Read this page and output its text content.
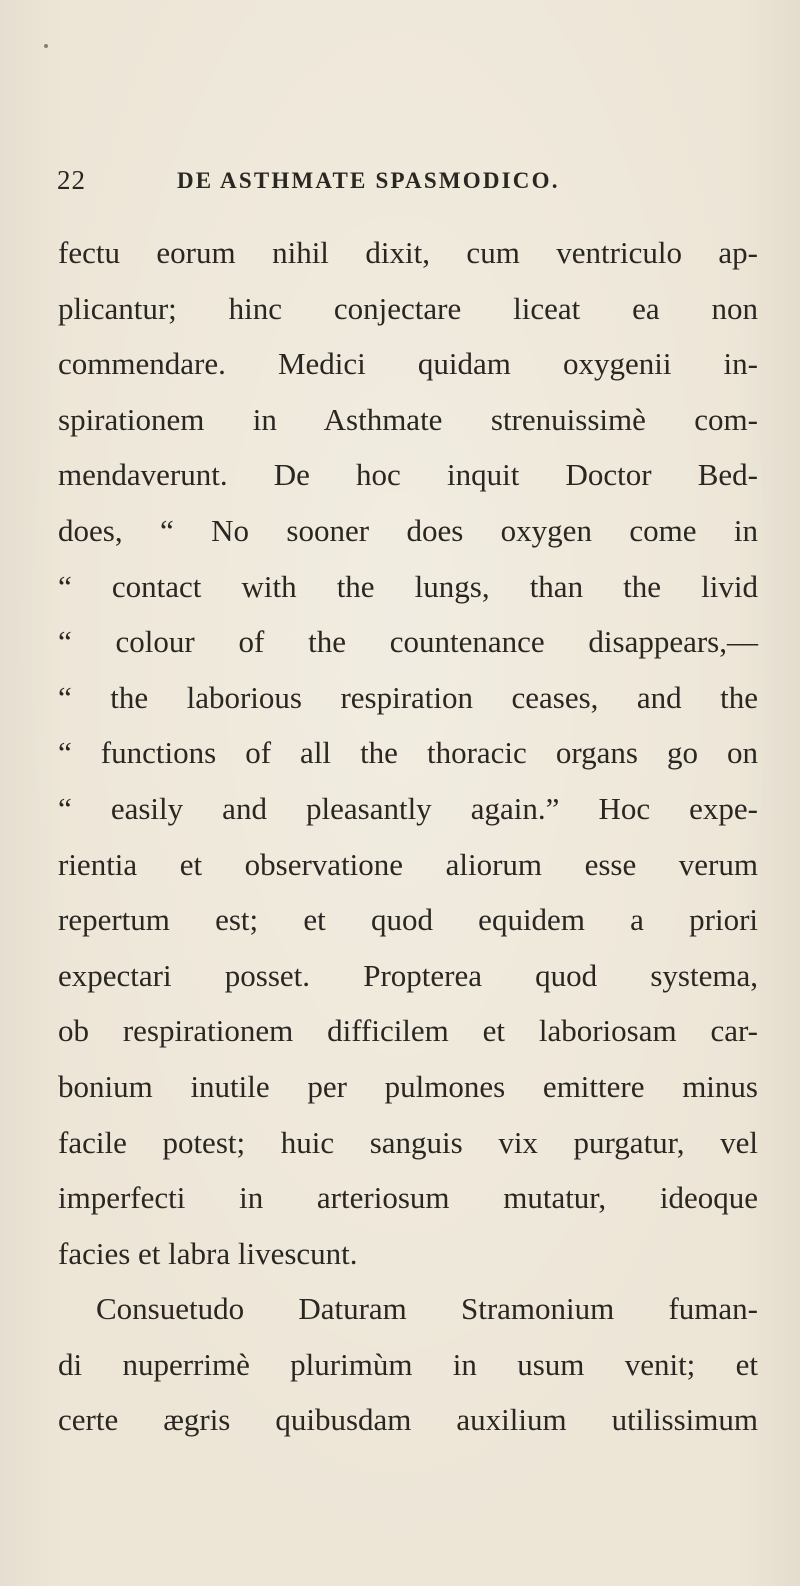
22	DE ASTHMATE SPASMODICO.
fectu eorum nihil dixit, cum ventriculo ap-
plicantur; hinc conjectare liceat ea non
commendare. Medici quidam oxygenii in-
spirationem in Asthmate strenuissimè com-
mendaverunt. De hoc inquit Doctor Bed-
does, “ No sooner does oxygen come in
“ contact with the lungs, than the livid
“ colour of the countenance disappears,—
“ the laborious respiration ceases, and the
“ functions of all the thoracic organs go on
“ easily and pleasantly again.” Hoc expe-
rientia et observatione aliorum esse verum
repertum est; et quod equidem a priori
expectari posset. Propterea quod systema,
ob respirationem difficilem et laboriosam car-
bonium inutile per pulmones emittere minus
facile potest; huic sanguis vix purgatur, vel
imperfecti in arteriosum mutatur, ideoque
facies et labra livescunt.
Consuetudo Daturam Stramonium fuman-
di nuperrimè plurimùm in usum venit; et
certe ægris quibusdam auxilium utilissimum
